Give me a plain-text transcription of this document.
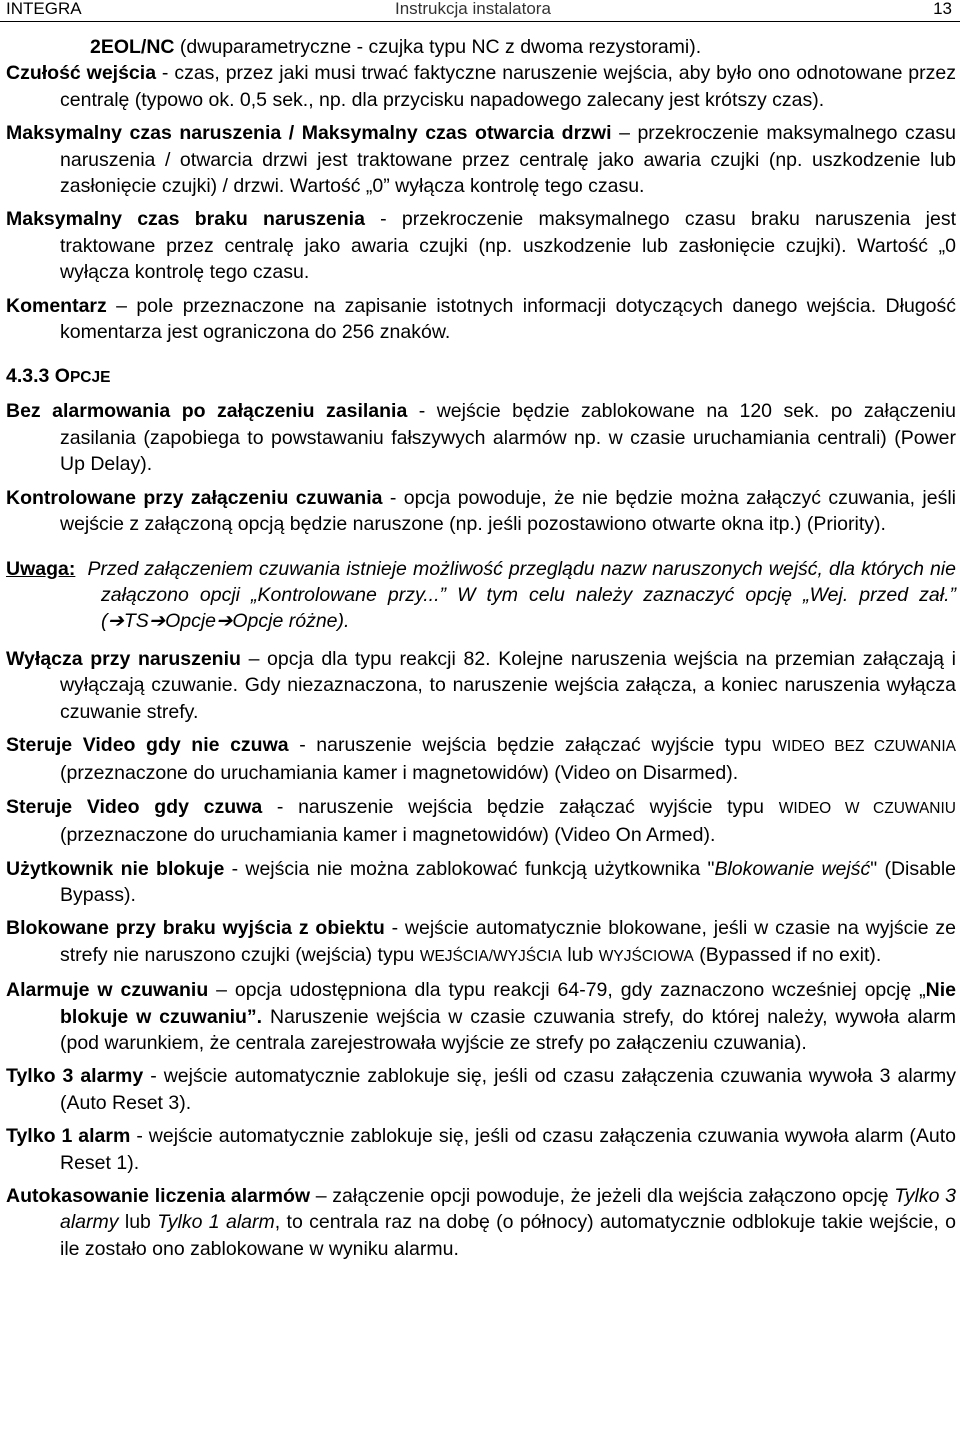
INTEGRA	Instrukcja instalatora	13

2EOL/NC (dwuparametryczne - czujka typu NC z dwoma rezystorami).

Czułość wejścia - czas, przez jaki musi trwać faktyczne naruszenie wejścia, aby było ono odnotowane przez centralę (typowo ok. 0,5 sek., np. dla przycisku napadowego zalecany jest krótszy czas).

Maksymalny czas naruszenia / Maksymalny czas otwarcia drzwi – przekroczenie maksymalnego czasu naruszenia / otwarcia drzwi jest traktowane przez centralę jako awaria czujki (np. uszkodzenie lub zasłonięcie czujki) / drzwi. Wartość „0” wyłącza kontrolę tego czasu.

Maksymalny czas braku naruszenia - przekroczenie maksymalnego czasu braku naruszenia jest traktowane przez centralę jako awaria czujki (np. uszkodzenie lub zasłonięcie czujki). Wartość „0 wyłącza kontrolę tego czasu.

Komentarz – pole przeznaczone na zapisanie istotnych informacji dotyczących danego wejścia. Długość komentarza jest ograniczona do 256 znaków.

4.3.3 OPCJE

Bez alarmowania po załączeniu zasilania - wejście będzie zablokowane na 120 sek. po załączeniu zasilania (zapobiega to powstawaniu fałszywych alarmów np. w czasie uruchamiania centrali) (Power Up Delay).

Kontrolowane przy załączeniu czuwania - opcja powoduje, że nie będzie można załączyć czuwania, jeśli wejście z załączoną opcją będzie naruszone (np. jeśli pozostawiono otwarte okna itp.) (Priority).

Uwaga: Przed załączeniem czuwania istnieje możliwość przeglądu nazw naruszonych wejść, dla których nie załączono opcji „Kontrolowane przy...” W tym celu należy zaznaczyć opcję „Wej. przed zał.” (➔TS➔Opcje➔Opcje różne).

Wyłącza przy naruszeniu – opcja dla typu reakcji 82. Kolejne naruszenia wejścia na przemian załączają i wyłączają czuwanie. Gdy niezaznaczona, to naruszenie wejścia załącza, a koniec naruszenia wyłącza czuwanie strefy.

Steruje Video gdy nie czuwa - naruszenie wejścia będzie załączać wyjście typu WIDEO BEZ CZUWANIA (przeznaczone do uruchamiania kamer i magnetowidów) (Video on Disarmed).

Steruje Video gdy czuwa - naruszenie wejścia będzie załączać wyjście typu WIDEO W CZUWANIU (przeznaczone do uruchamiania kamer i magnetowidów) (Video On Armed).

Użytkownik nie blokuje - wejścia nie można zablokować funkcją użytkownika "Blokowanie wejść" (Disable Bypass).

Blokowane przy braku wyjścia z obiektu - wejście automatycznie blokowane, jeśli w czasie na wyjście ze strefy nie naruszono czujki (wejścia) typu WEJŚCIA/WYJŚCIA lub WYJŚCIOWA (Bypassed if no exit).

Alarmuje w czuwaniu – opcja udostępniona dla typu reakcji 64-79, gdy zaznaczono wcześniej opcję „Nie blokuje w czuwaniu”. Naruszenie wejścia w czasie czuwania strefy, do której należy, wywoła alarm (pod warunkiem, że centrala zarejestrowała wyjście ze strefy po załączeniu czuwania).

Tylko 3 alarmy - wejście automatycznie zablokuje się, jeśli od czasu załączenia czuwania wywoła 3 alarmy (Auto Reset 3).

Tylko 1 alarm - wejście automatycznie zablokuje się, jeśli od czasu załączenia czuwania wywoła alarm (Auto Reset 1).

Autokasowanie liczenia alarmów – załączenie opcji powoduje, że jeżeli dla wejścia załączono opcję Tylko 3 alarmy lub Tylko 1 alarm, to centrala raz na dobę (o północy) automatycznie odblokuje takie wejście, o ile zostało ono zablokowane w wyniku alarmu.
